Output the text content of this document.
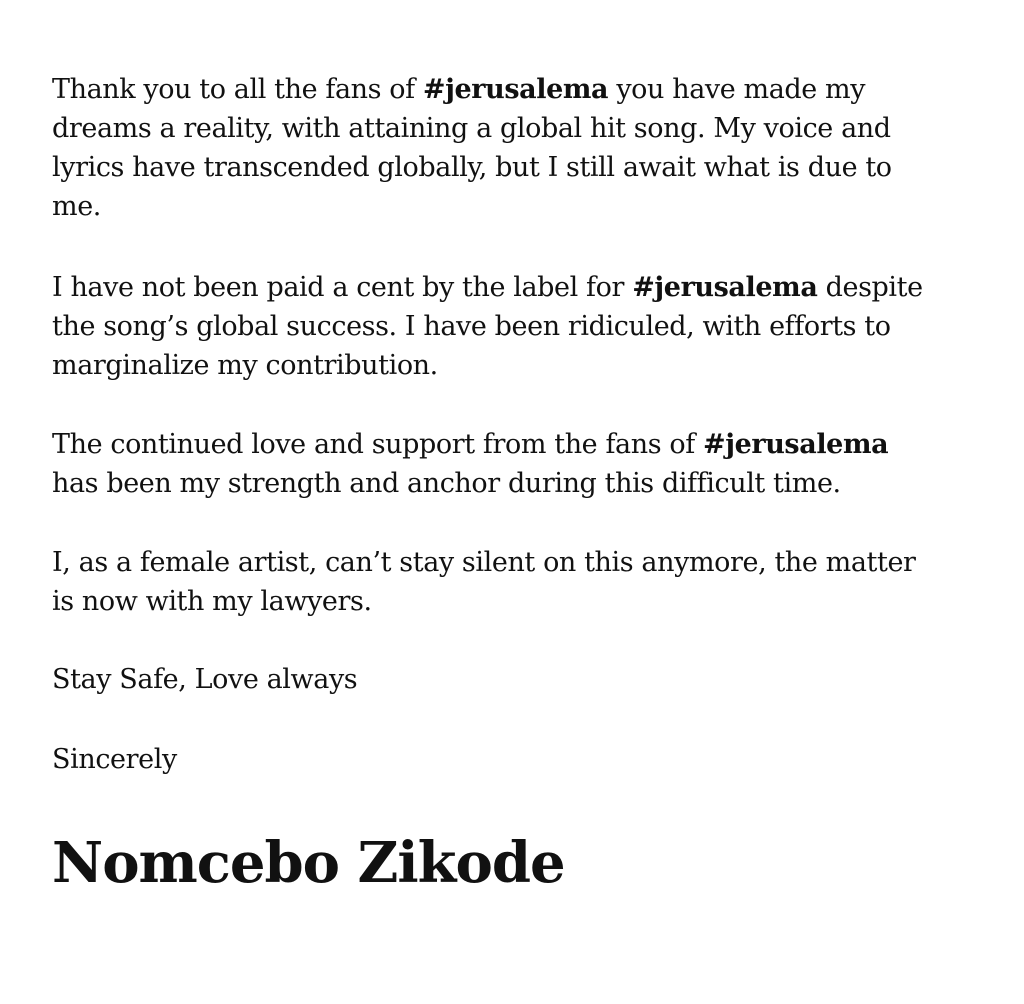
Thank you to all the fans of #jerusalema you have made my
dreams a reality, with attaining a global hit song. My voice and
lyrics have transcended globally, but I still await what is due to
me.
I have not been paid a cent by the label for #jerusalema despite
the song’s global success. I have been ridiculed, with efforts to
marginalize my contribution.
The continued love and support from the fans of #jerusalema
has been my strength and anchor during this difficult time.
I, as a female artist, can’t stay silent on this anymore, the matter
is now with my lawyers.
Stay Safe, Love always
Sincerely
Nomcebo Zikode
